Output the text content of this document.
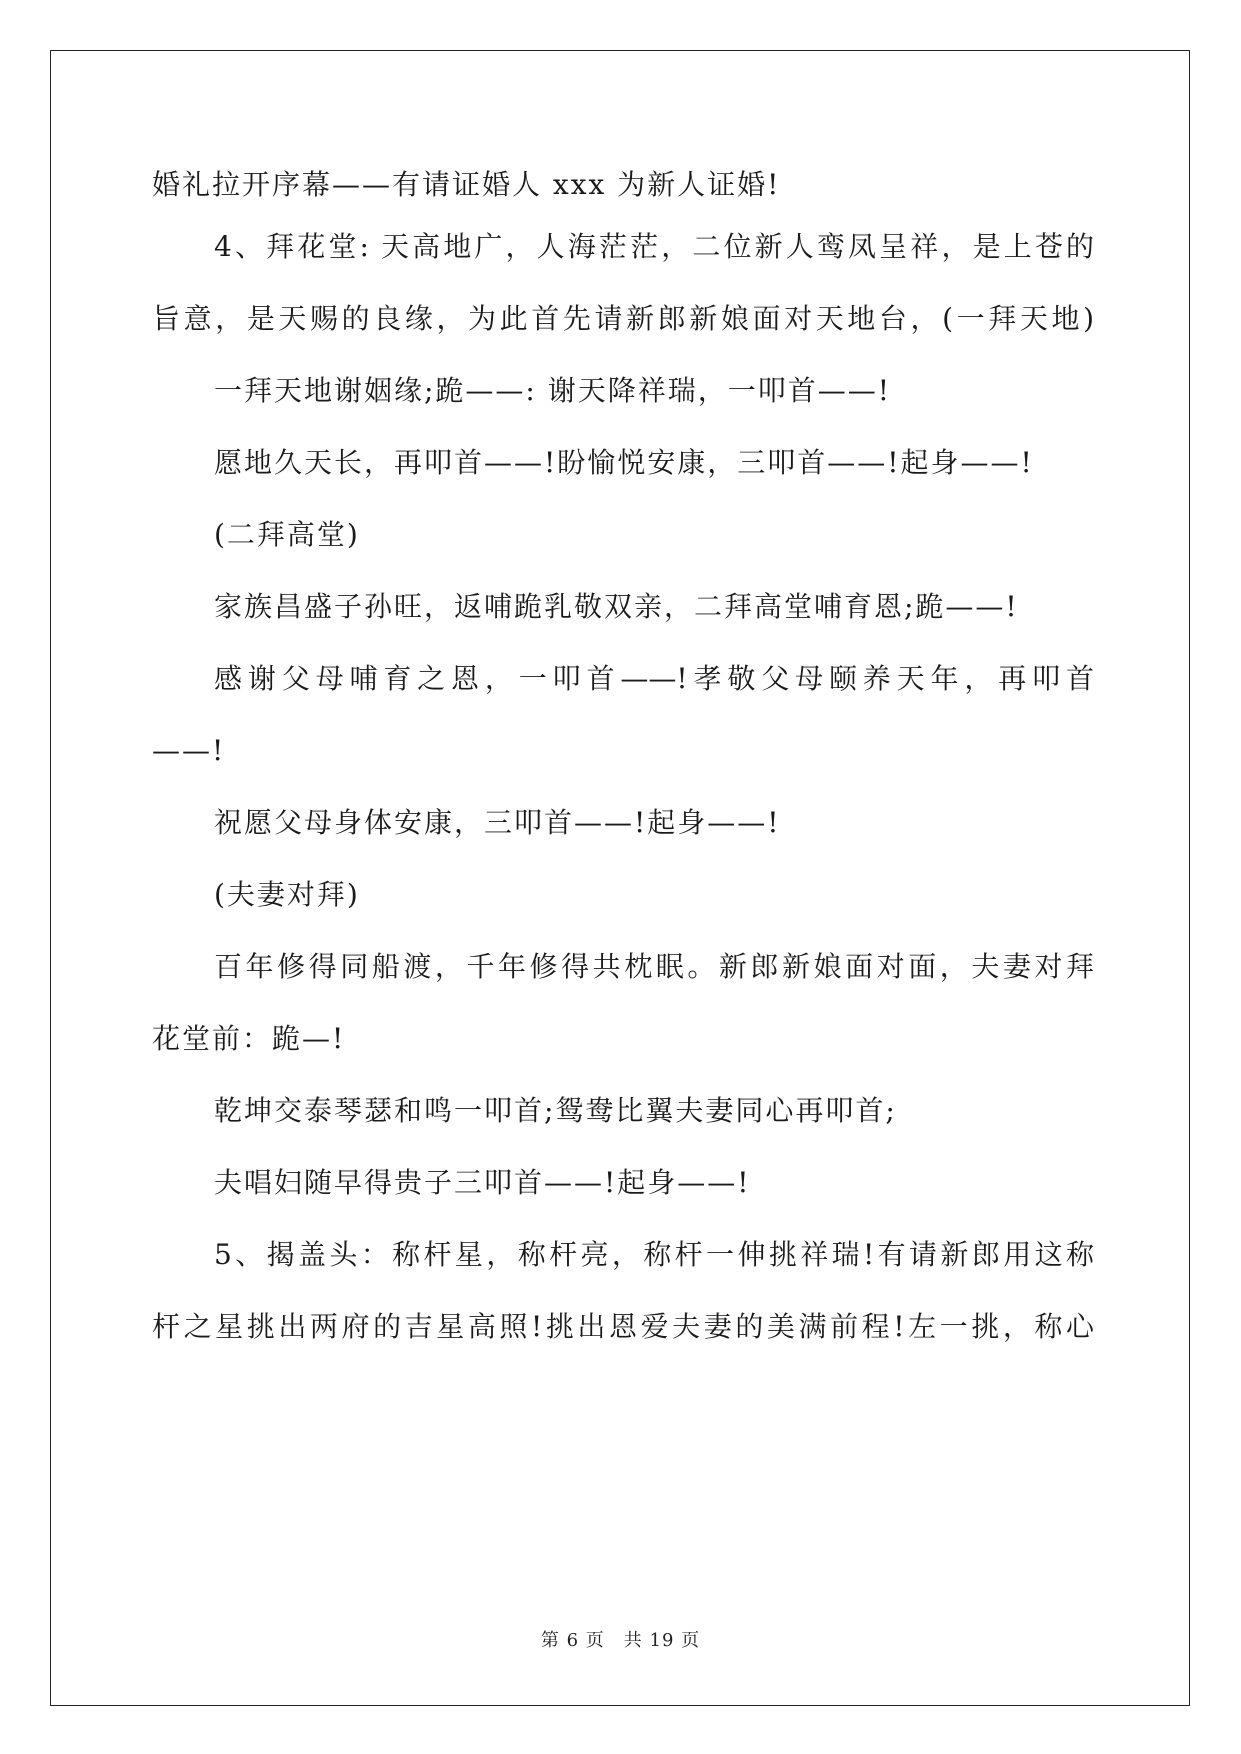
婚礼拉开序幕——有请证婚人 xxx 为新人证婚!
4、拜花堂: 天高地广，人海茫茫，二位新人鸾凤呈祥，是上苍的
旨意，是天赐的良缘，为此首先请新郎新娘面对天地台，(一拜天地)
一拜天地谢姻缘;跪——: 谢天降祥瑞，一叩首——!
愿地久天长，再叩首——!盼愉悦安康，三叩首——!起身——!
(二拜高堂)
家族昌盛子孙旺，返哺跪乳敬双亲，二拜高堂哺育恩;跪——!
感谢父母哺育之恩，一叩首——!孝敬父母颐养天年，再叩首
——!
祝愿父母身体安康，三叩首——!起身——!
(夫妻对拜)
百年修得同船渡，千年修得共枕眠。新郎新娘面对面，夫妻对拜
花堂前：跪—!
乾坤交泰琴瑟和鸣一叩首;鸳鸯比翼夫妻同心再叩首;
夫唱妇随早得贵子三叩首——!起身——!
5、揭盖头：称杆星，称杆亮，称杆一伸挑祥瑞!有请新郎用这称
杆之星挑出两府的吉星高照!挑出恩爱夫妻的美满前程!左一挑，称心
第 6 页　共 19 页
